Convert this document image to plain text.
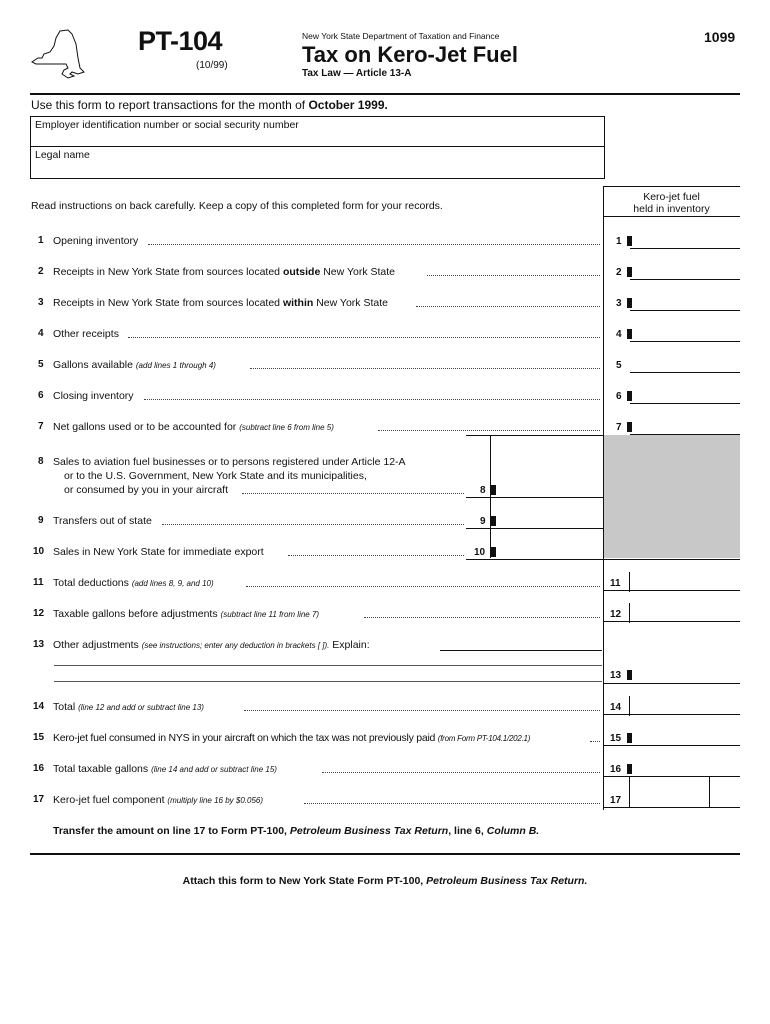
PT-104
(10/99)
New York State Department of Taxation and Finance
Tax on Kero-Jet Fuel
Tax Law — Article 13-A
1099
Use this form to report transactions for the month of October 1999.
Employer identification number or social security number
Legal name
Read instructions on back carefully. Keep a copy of this completed form for your records.
Kero-jet fuel
held in inventory
1 Opening inventory	1
2 Receipts in New York State from sources located outside New York State	2
3 Receipts in New York State from sources located within New York State	3
4 Other receipts	4
5 Gallons available (add lines 1 through 4)	5
6 Closing inventory	6
7 Net gallons used or to be accounted for (subtract line 6 from line 5)	7
8 Sales to aviation fuel businesses or to persons registered under Article 12-A
or to the U.S. Government, New York State and its municipalities,
or consumed by you in your aircraft	8
9 Transfers out of state	9
10 Sales in New York State for immediate export	10
11 Total deductions (add lines 8, 9, and 10)	11
12 Taxable gallons before adjustments (subtract line 11 from line 7)	12
13 Other adjustments (see instructions; enter any deduction in brackets [ ]). Explain:
13
14 Total (line 12 and add or subtract line 13)	14
15 Kero-jet fuel consumed in NYS in your aircraft on which the tax was not previously paid (from Form PT-104.1/202.1)	15
16 Total taxable gallons (line 14 and add or subtract line 15)	16
17 Kero-jet fuel component (multiply line 16 by $0.056)	17
Transfer the amount on line 17 to Form PT-100, Petroleum Business Tax Return, line 6, Column B.
Attach this form to New York State Form PT-100, Petroleum Business Tax Return.
